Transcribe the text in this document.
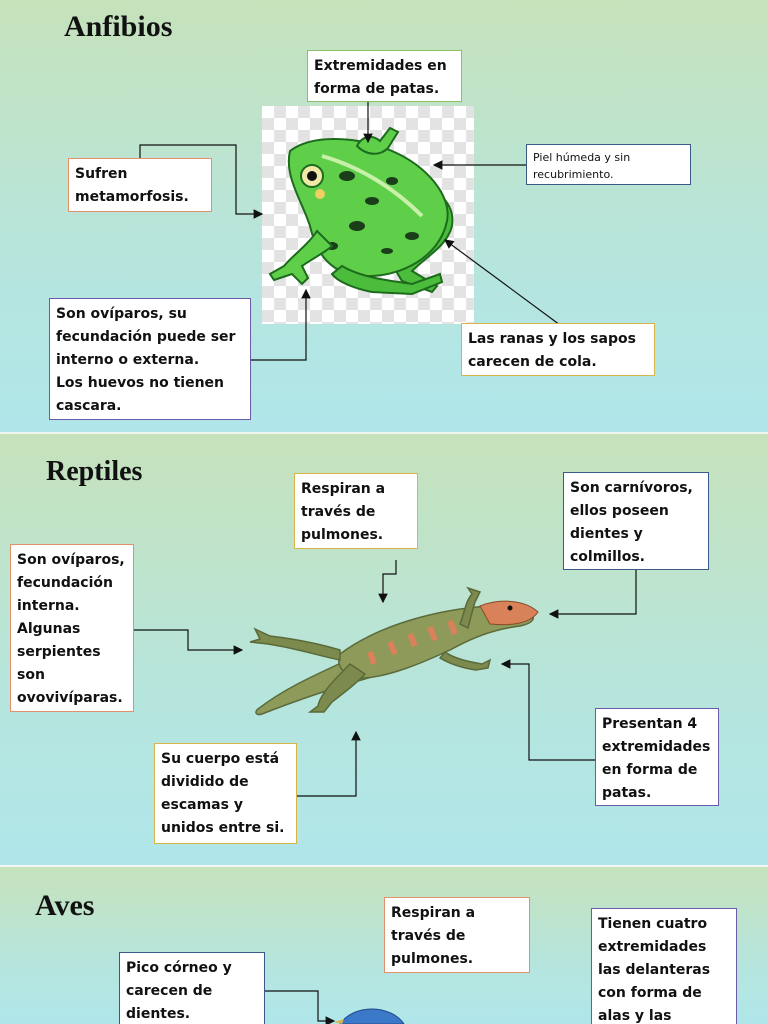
Anfibios
Extremidades en
forma de patas.
Sufren
metamorfosis.
Piel húmeda y sin
recubrimiento.
Son ovíparos, su
fecundación puede ser
interno o externa.
Los huevos no tienen
cascara.
Las ranas y los sapos
carecen de cola.
Reptiles
Respiran a
través de
pulmones.
Son carnívoros,
ellos poseen
dientes y
colmillos.
Son ovíparos,
fecundación
interna.
Algunas
serpientes
son
ovovivíparas.
Presentan 4
extremidades
en forma de
patas.
Su cuerpo está
dividido de
escamas y
unidos entre si.
Aves	Respiran a
través de
pulmones.
Pico córneo y
carecen de
dientes.
Tienen cuatro
extremidades
las delanteras
con forma de
alas y las
